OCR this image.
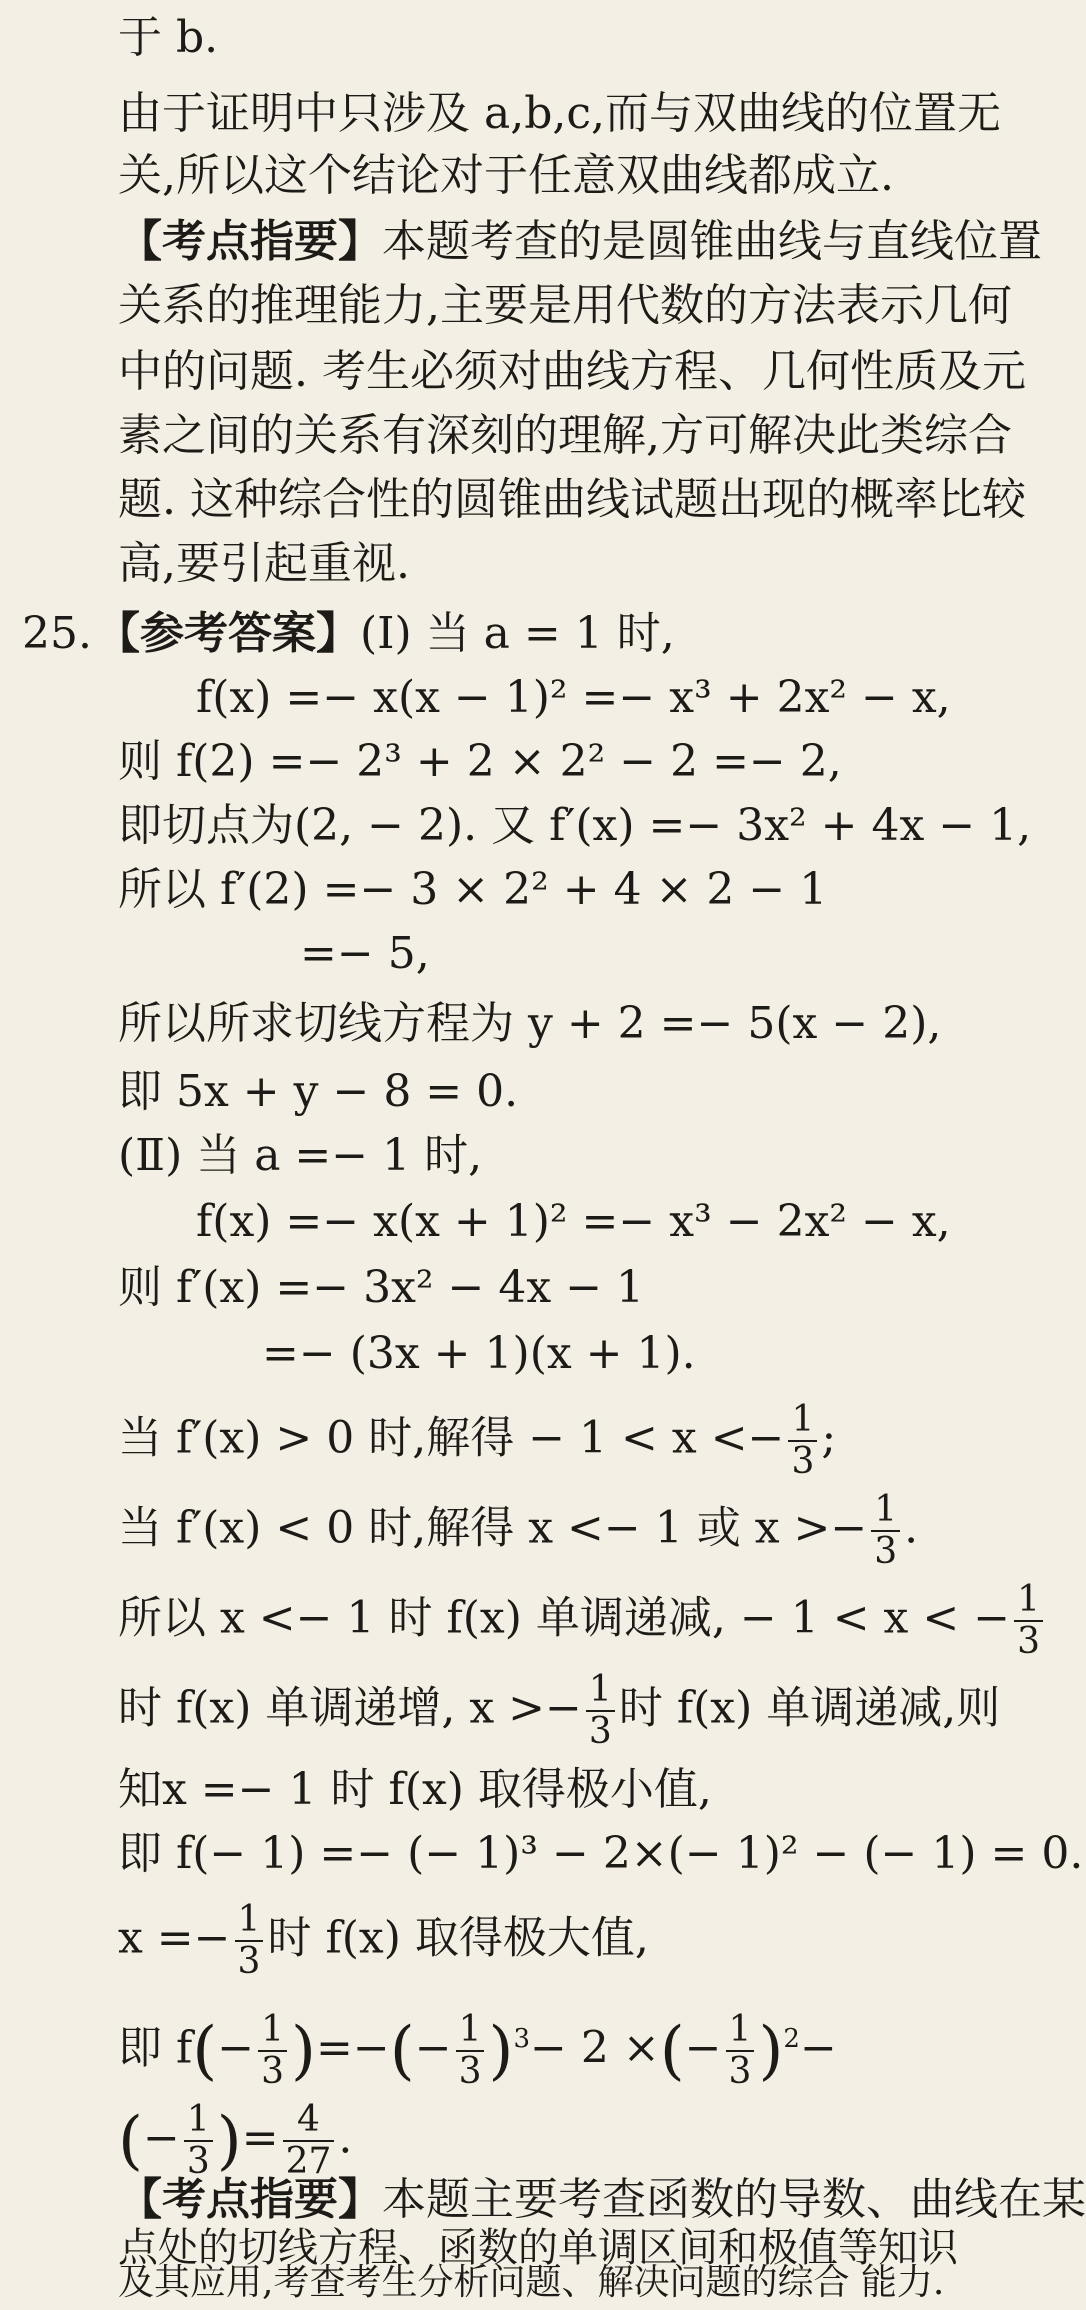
于 b.
由于证明中只涉及 a,b,c,而与双曲线的位置无
关,所以这个结论对于任意双曲线都成立.
【考点指要】本题考查的是圆锥曲线与直线位置
关系的推理能力,主要是用代数的方法表示几何
中的问题. 考生必须对曲线方程、几何性质及元
素之间的关系有深刻的理解,方可解决此类综合
题. 这种综合性的圆锥曲线试题出现的概率比较
高,要引起重视.
25. 【参考答案】(Ⅰ) 当 a = 1 时,
f(x) =− x(x − 1)² =− x³ + 2x² − x,
则 f(2) =− 2³ + 2 × 2² − 2 =− 2,
即切点为(2, − 2). 又 f′(x) =− 3x² + 4x − 1,
所以 f′(2) =− 3 × 2² + 4 × 2 − 1
=− 5,
所以所求切线方程为 y + 2 =− 5(x − 2),
即 5x + y − 8 = 0.
(Ⅱ) 当 a =− 1 时,
f(x) =− x(x + 1)² =− x³ − 2x² − x,
则 f′(x) =− 3x² − 4x − 1
=− (3x + 1)(x + 1).
当 f′(x) > 0 时,解得 − $1 < x <- \frac{1}{3}$ ;
当 f′(x) < 0 时,解得 x <− 1 或 $x >- \frac{1}{3}$ .
所以 x <− 1 时 f(x) 单调递减, − 1 < x < − $\frac{1}{3}$
时 f(x) 单调递增, $x >- \frac{1}{3}$ 时 f(x) 单调递减,则
知x =− 1 时 f(x) 取得极小值,
即 f(− 1) =− (− 1)³ − 2×(− 1)² − (− 1) = 0.
$x =- \frac{1}{3}$ 时 f(x) 取得极大值,
即 $f(- \frac{1}{3}$ )=−(− $\frac{1}{3} )^3- 2$ ×(− $\frac{1}{3} )^2-$
(− $\frac{1}{3}$ )= $\frac{4}{27}$ .
【考点指要】本题主要考查函数的导数、曲线在某
点处的切线方程、函数的单调区间和极值等知识
及其应用,考查考生分析问题、解决问题的综合 能力.
